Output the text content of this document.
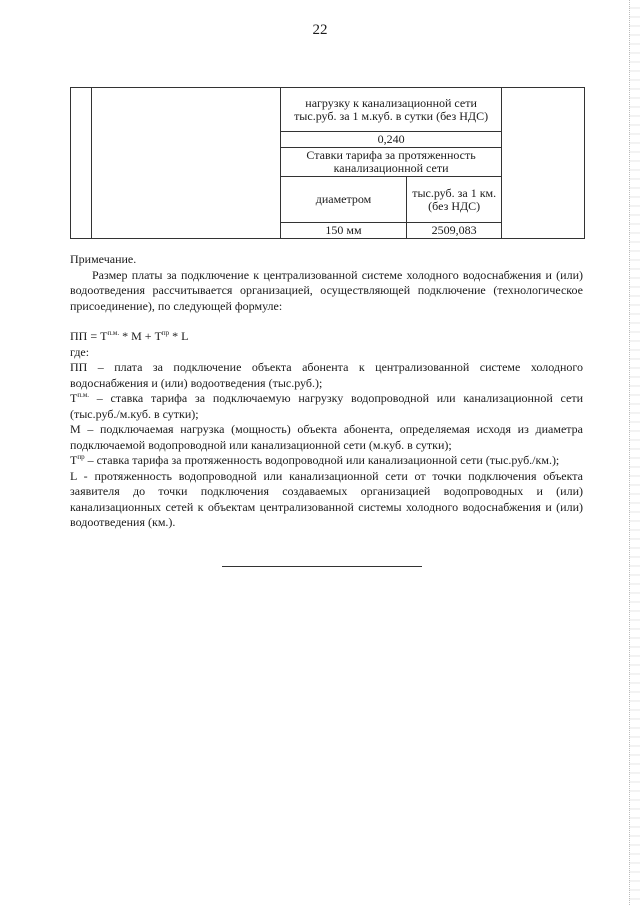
22
		нагрузку к канализационной сети тыс.руб. за 1 м.куб. в сутки (без НДС)		
		0,240		
		Ставки тарифа за протяженность канализационной сети		
		диаметром	тыс.руб. за 1 км. (без НДС)	
		150 мм	2509,083	

Примечание.

Размер платы за подключение к централизованной системе холодного водоснабжения и (или) водоотведения рассчитывается организацией, осуществляющей подключение (технологическое присоединение), по следующей формуле:

ПП = $Т^{п.м.} * М + Т^{пр} * L$

где:

ПП – плата за подключение объекта абонента к централизованной системе холодного водоснабжения и (или) водоотведения (тыс.руб.);

$Т^{п.м.}$ – ставка тарифа за подключаемую нагрузку водопроводной или канализационной сети (тыс.руб./м.куб. в сутки);

М – подключаемая нагрузка (мощность) объекта абонента, определяемая исходя из диаметра подключаемой водопроводной или канализационной сети (м.куб. в сутки);

$Т^{пр}$ – ставка тарифа за протяженность водопроводной или канализационной сети (тыс.руб./км.);

L - протяженность водопроводной или канализационной сети от точки подключения объекта заявителя до точки подключения создаваемых организацией водопроводных и (или) канализационных сетей к объектам централизованной системы холодного водоснабжения и (или) водоотведения (км.).
